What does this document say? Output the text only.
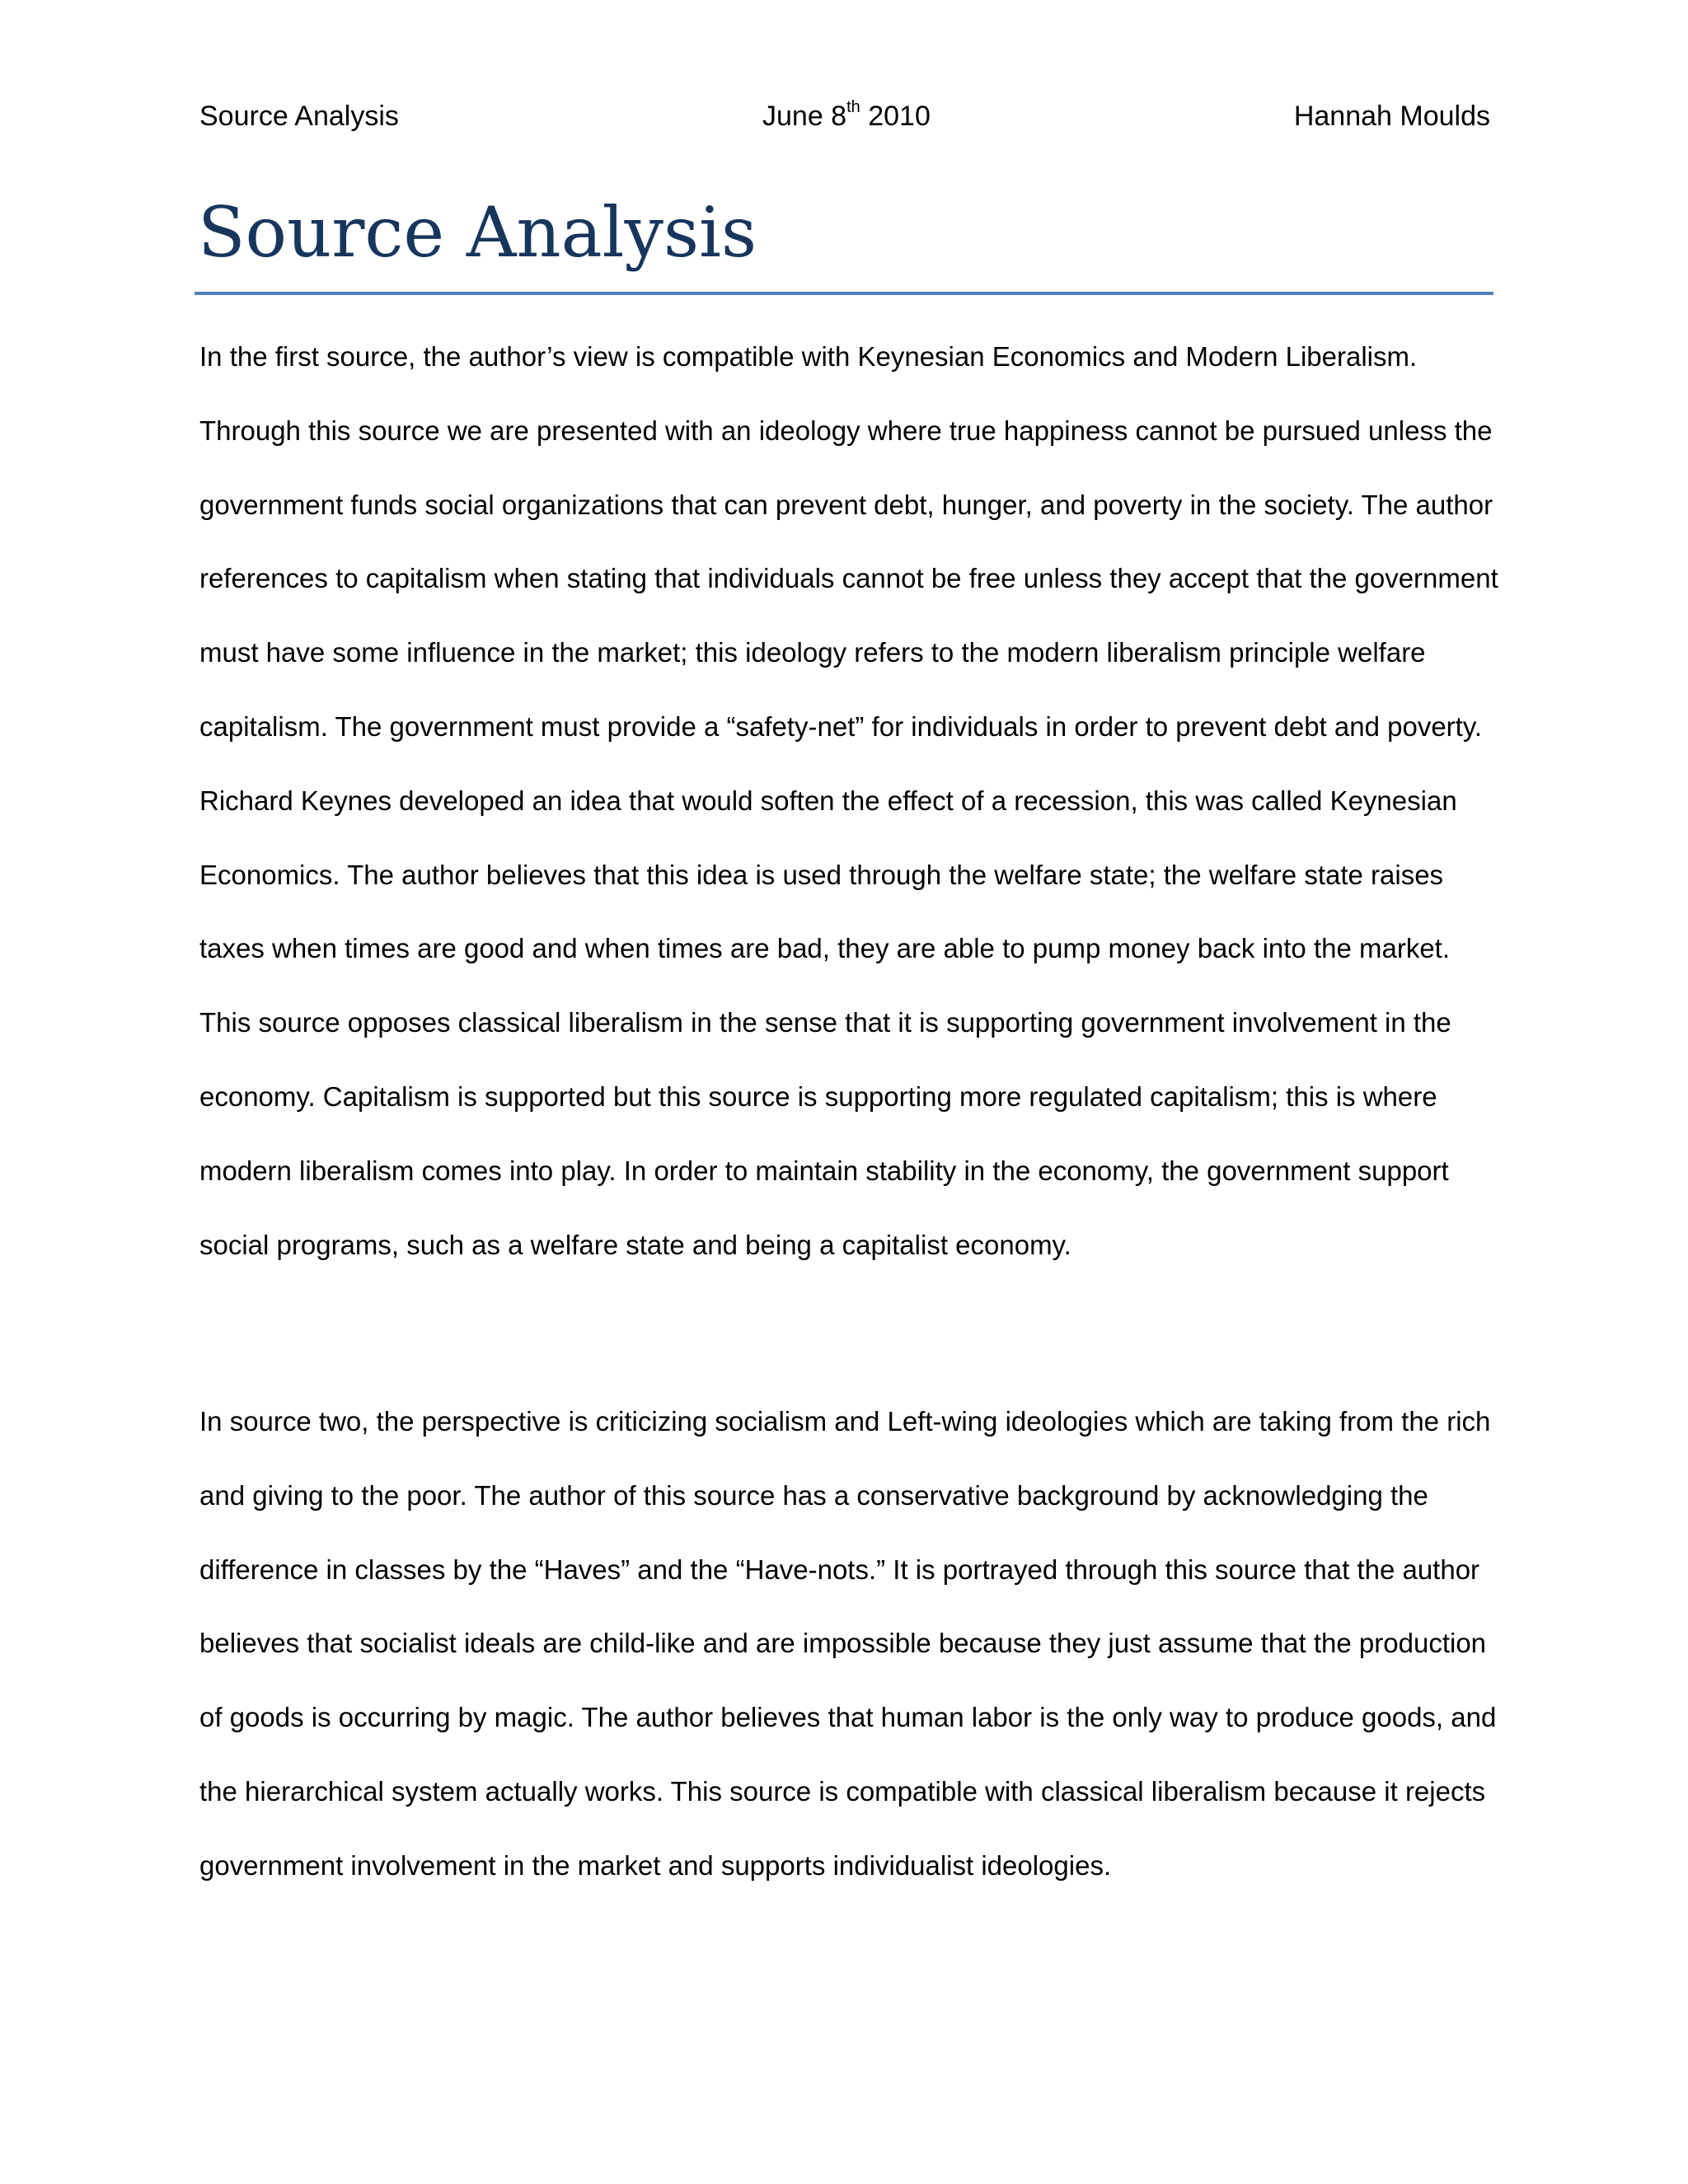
Source Analysis	June 8th 2010	Hannah Moulds
Source Analysis

In the first source, the author’s view is compatible with Keynesian Economics and Modern Liberalism. Through this source we are presented with an ideology where true happiness cannot be pursued unless the government funds social organizations that can prevent debt, hunger, and poverty in the society. The author references to capitalism when stating that individuals cannot be free unless they accept that the government must have some influence in the market; this ideology refers to the modern liberalism principle welfare capitalism. The government must provide a “safety-net” for individuals in order to prevent debt and poverty. Richard Keynes developed an idea that would soften the effect of a recession, this was called Keynesian Economics. The author believes that this idea is used through the welfare state; the welfare state raises taxes when times are good and when times are bad, they are able to pump money back into the market. This source opposes classical liberalism in the sense that it is supporting government involvement in the economy. Capitalism is supported but this source is supporting more regulated capitalism; this is where modern liberalism comes into play. In order to maintain stability in the economy, the government support social programs, such as a welfare state and being a capitalist economy.

In source two, the perspective is criticizing socialism and Left-wing ideologies which are taking from the rich and giving to the poor. The author of this source has a conservative background by acknowledging the difference in classes by the “Haves” and the “Have-nots.” It is portrayed through this source that the author believes that socialist ideals are child-like and are impossible because they just assume that the production of goods is occurring by magic. The author believes that human labor is the only way to produce goods, and the hierarchical system actually works. This source is compatible with classical liberalism because it rejects government involvement in the market and supports individualist ideologies.
